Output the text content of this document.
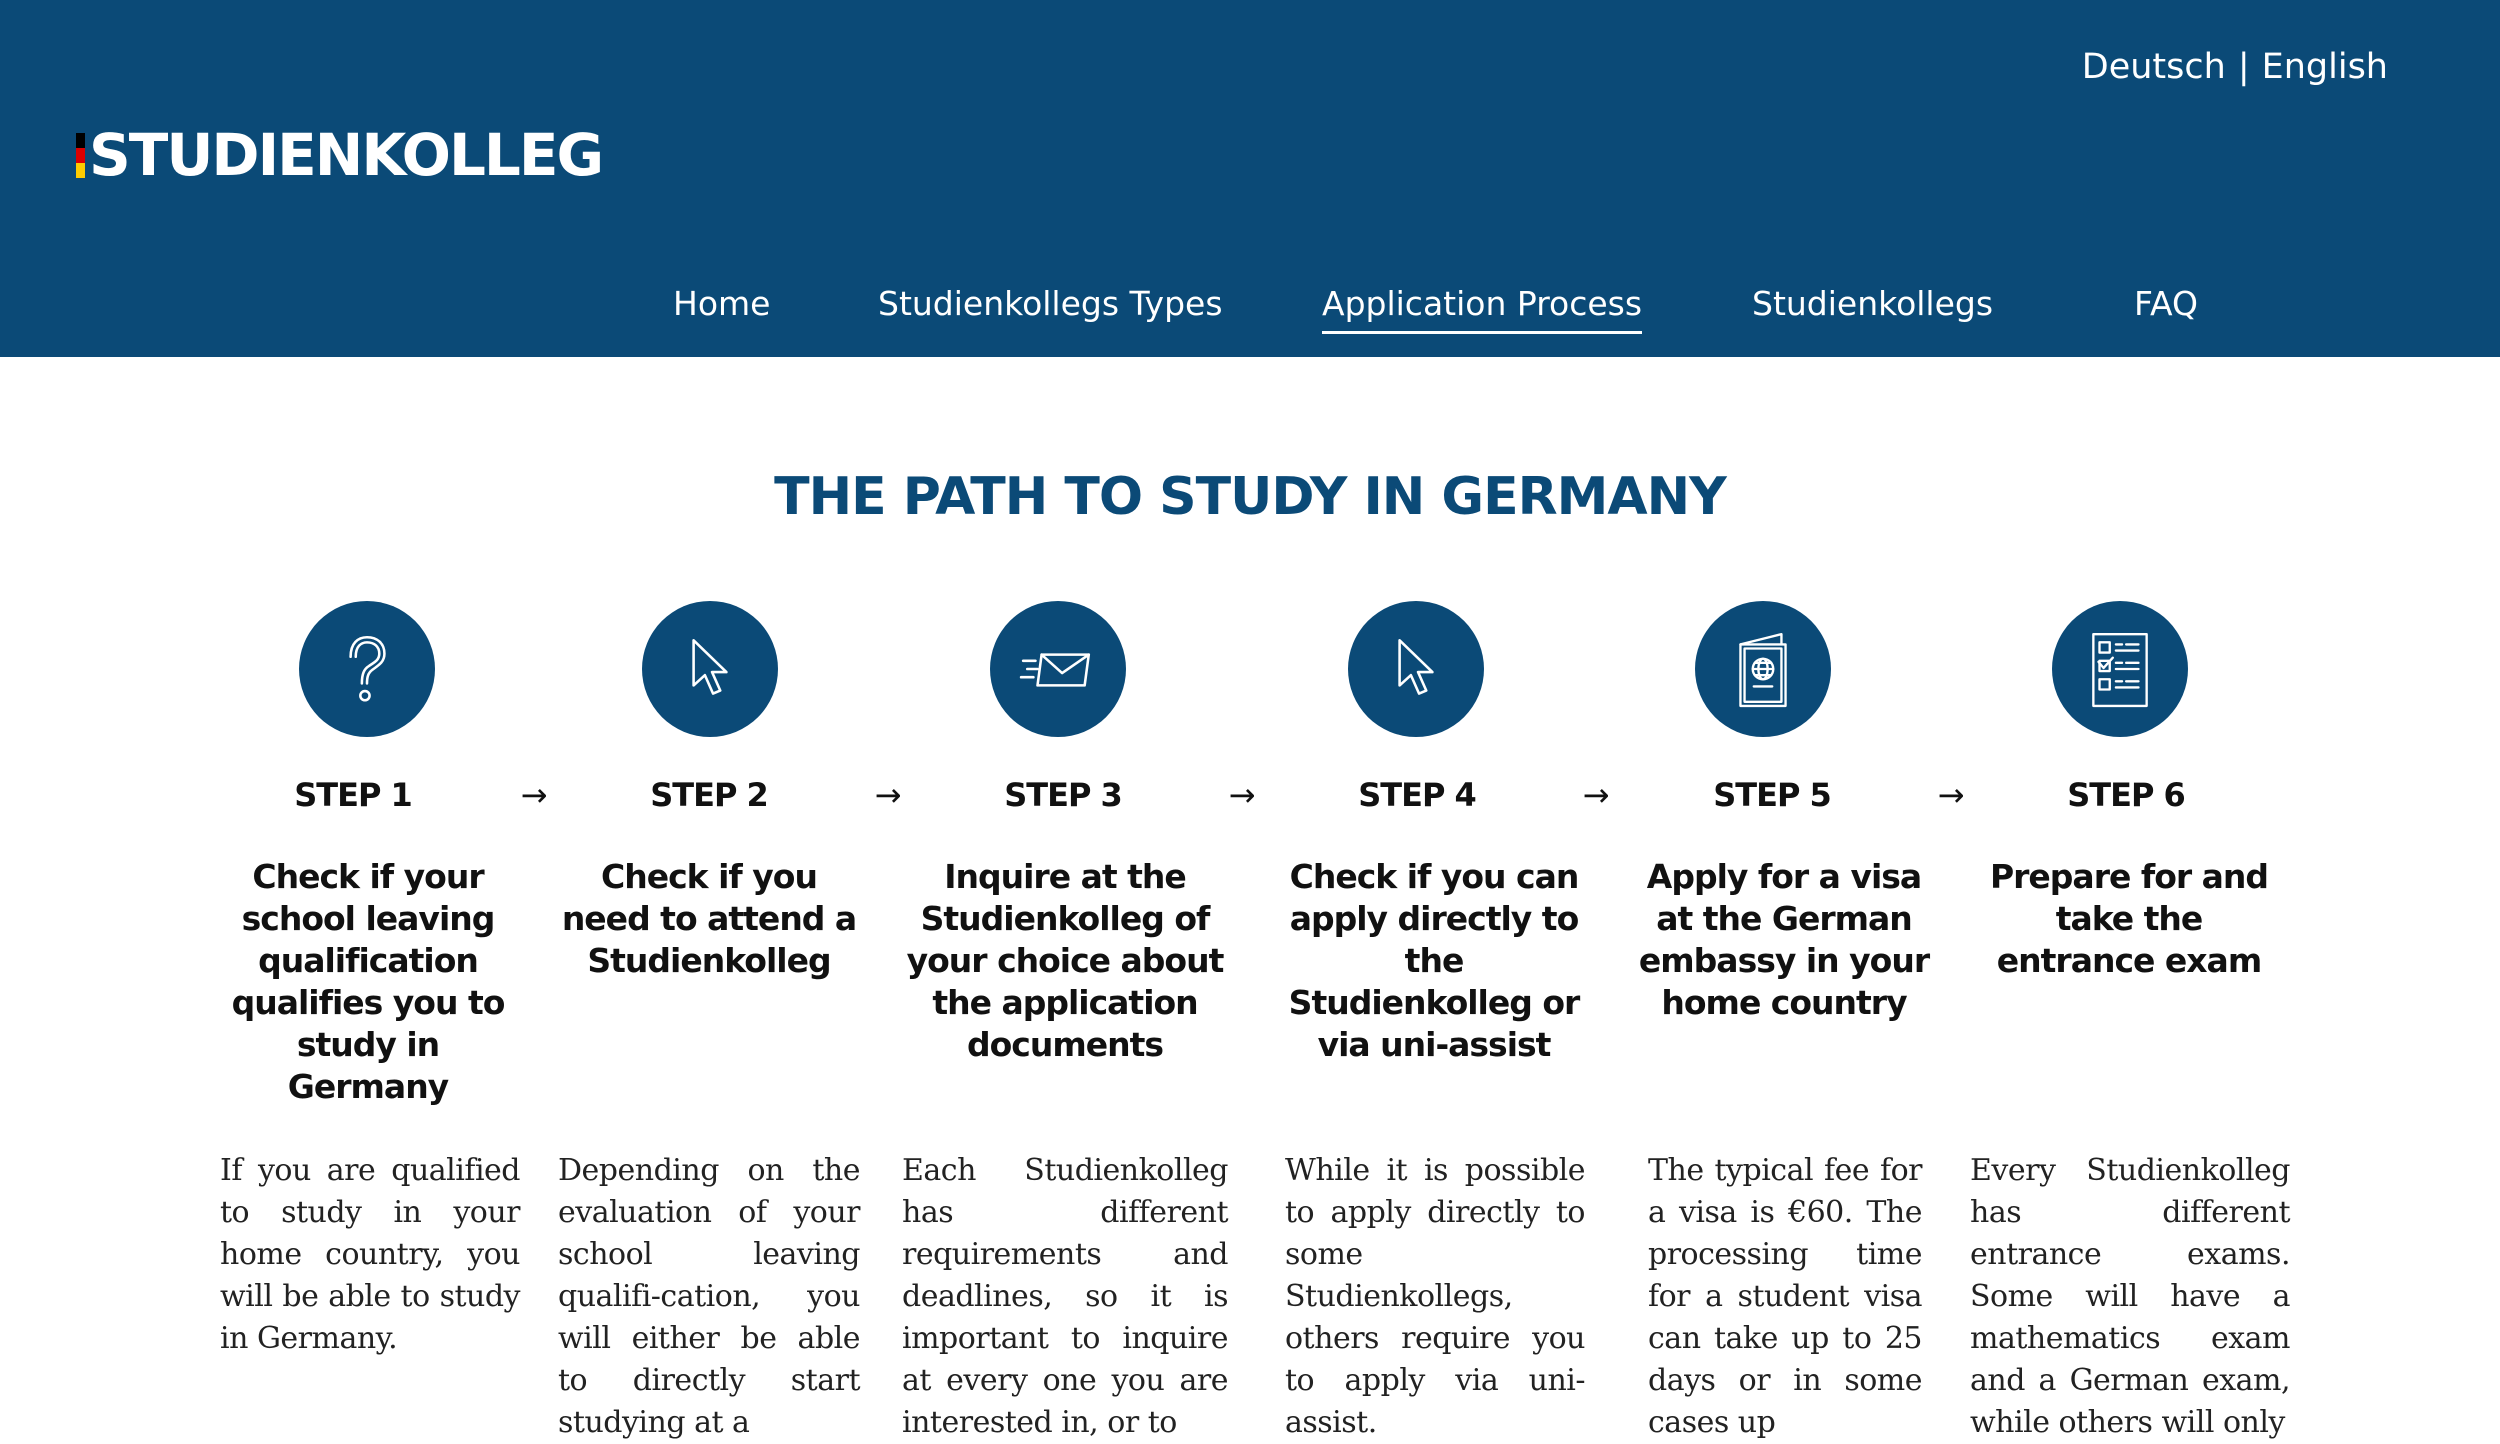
Deutsch | English
STUDIENKOLLEG
Home	Studienkollegs Types	Application Process	Studienkollegs	FAQ
THE PATH TO STUDY IN GERMANY
STEP 1	STEP 2	STEP 3	STEP 4	STEP 5	STEP 6
→	→	→	→	→
Check if your school leaving qualification qualifies you to study in Germany
Check if you need to attend a Studienkolleg
Inquire at the Studienkolleg of your choice about the application documents
Check if you can apply directly to the Studienkolleg or via uni-assist
Apply for a visa at the German embassy in your home country
Prepare for and take the entrance exam
If you are qualified to study in your home country, you will be able to study in Germany.
Depending on the evaluation of your school leaving qualifi-cation, you will either be able to directly start studying at a
Each Studienkolleg has different requirements and deadlines, so it is important to inquire at every one you are interested in, or to
While it is possible to apply directly to some Studienkollegs, others require you to apply via uni-assist.
The typical fee for a visa is €60. The processing time for a student visa can take up to 25 days or in some cases up
Every Studienkolleg has different entrance exams. Some will have a mathematics exam and a German exam, while others will only
